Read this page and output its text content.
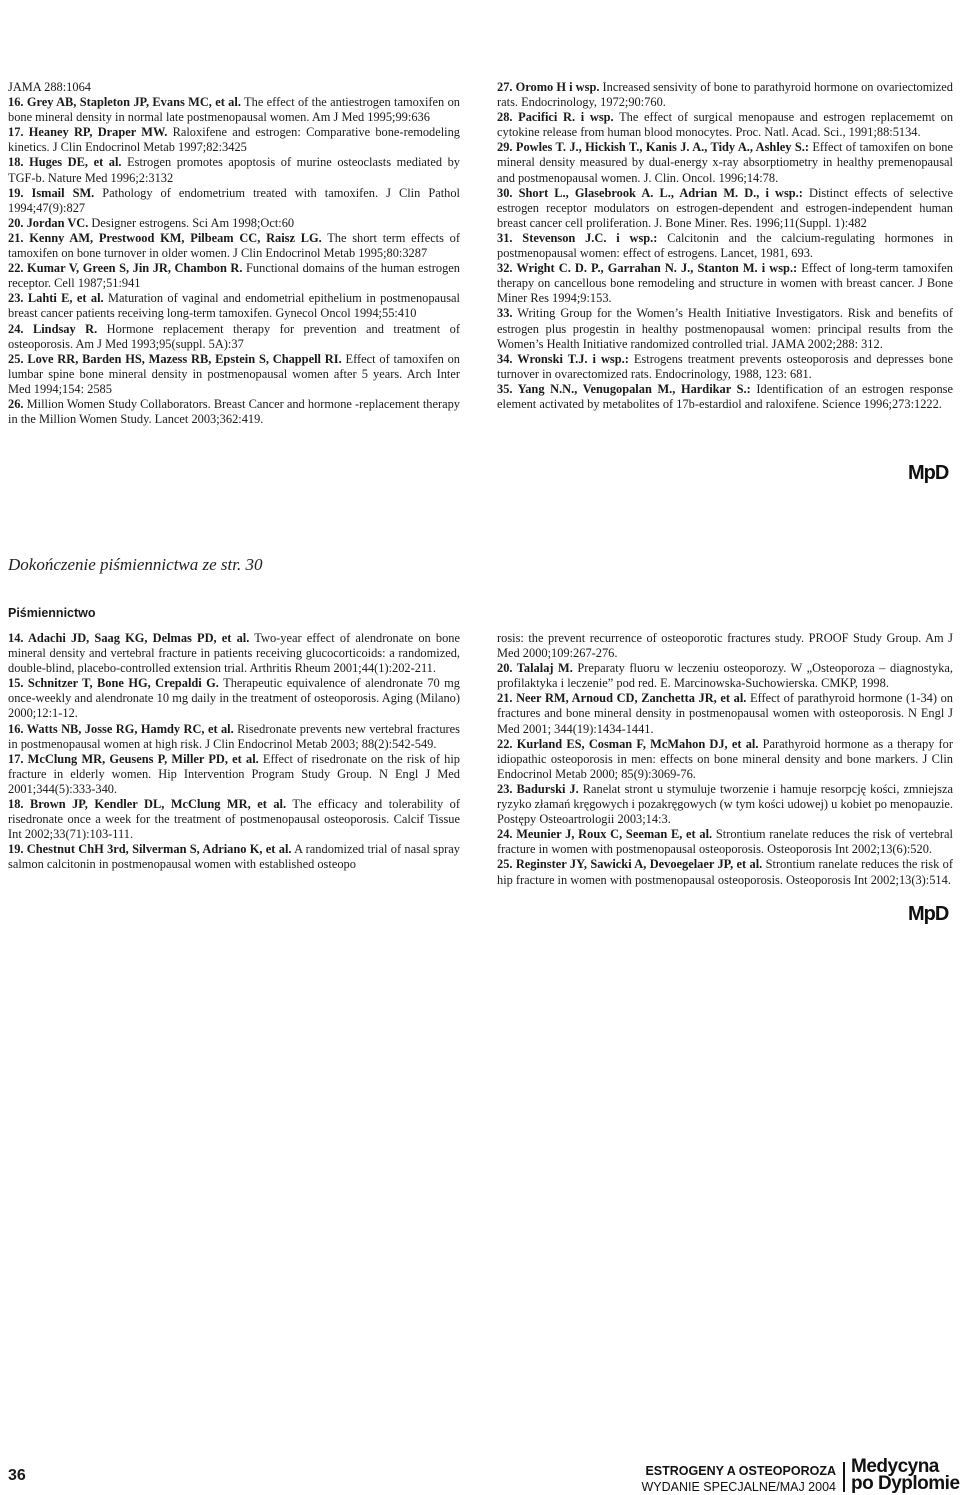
JAMA 288:1064

16. Grey AB, Stapleton JP, Evans MC, et al. The effect of the antiestrogen tamoxifen on bone mineral density in normal late postmenopausal women. Am J Med 1995;99:636

17. Heaney RP, Draper MW. Raloxifene and estrogen: Comparative bone-remodeling kinetics. J Clin Endocrinol Metab 1997;82:3425

18. Huges DE, et al. Estrogen promotes apoptosis of murine osteoclasts mediated by TGF-b. Nature Med 1996;2:3132

19. Ismail SM. Pathology of endometrium treated with tamoxifen. J Clin Pathol 1994;47(9):827

20. Jordan VC. Designer estrogens. Sci Am 1998;Oct:60

21. Kenny AM, Prestwood KM, Pilbeam CC, Raisz LG. The short term effects of tamoxifen on bone turnover in older women. J Clin Endocrinol Metab 1995;80:3287

22. Kumar V, Green S, Jin JR, Chambon R. Functional domains of the human estrogen receptor. Cell 1987;51:941

23. Lahti E, et al. Maturation of vaginal and endometrial epithelium in postmenopausal breast cancer patients receiving long-term tamoxifen. Gynecol Oncol 1994;55:410

24. Lindsay R. Hormone replacement therapy for prevention and treatment of osteoporosis. Am J Med 1993;95(suppl. 5A):37

25. Love RR, Barden HS, Mazess RB, Epstein S, Chappell RI. Effect of tamoxifen on lumbar spine bone mineral density in postmenopausal women after 5 years. Arch Inter Med 1994;154: 2585

26. Million Women Study Collaborators. Breast Cancer and hormone -replacement therapy in the Million Women Study. Lancet 2003;362:419.

27. Oromo H i wsp. Increased sensivity of bone to parathyroid hormone on ovariectomized rats. Endocrinology, 1972;90:760.

28. Pacifici R. i wsp. The effect of surgical menopause and estrogen replacememt on cytokine release from human blood monocytes. Proc. Natl. Acad. Sci., 1991;88:5134.

29. Powles T. J., Hickish T., Kanis J. A., Tidy A., Ashley S.: Effect of tamoxifen on bone mineral density measured by dual-energy x-ray absorptiometry in healthy premenopausal and postmenopausal women. J. Clin. Oncol. 1996;14:78.

30. Short L., Glasebrook A. L., Adrian M. D., i wsp.: Distinct effects of selective estrogen receptor modulators on estrogen-dependent and estrogen-independent human breast cancer cell proliferation. J. Bone Miner. Res. 1996;11(Suppl. 1):482

31. Stevenson J.C. i wsp.: Calcitonin and the calcium-regulating hormones in postmenopausal women: effect of estrogens. Lancet, 1981, 693.

32. Wright C. D. P., Garrahan N. J., Stanton M. i wsp.: Effect of long-term tamoxifen therapy on cancellous bone remodeling and structure in women with breast cancer. J Bone Miner Res 1994;9:153.

33. Writing Group for the Women’s Health Initiative Investigators. Risk and benefits of estrogen plus progestin in healthy postmenopausal women: principal results from the Women’s Health Initiative randomized controlled trial. JAMA 2002;288: 312.

34. Wronski T.J. i wsp.: Estrogens treatment prevents osteoporosis and depresses bone turnover in ovarectomized rats. Endocrinology, 1988, 123: 681.

35. Yang N.N., Venugopalan M., Hardikar S.: Identification of an estrogen response element activated by metabolites of 17b-estardiol and raloxifene. Science 1996;273:1222.

MpD
Dokończenie piśmiennictwa ze str. 30
Piśmiennictwo

14. Adachi JD, Saag KG, Delmas PD, et al. Two-year effect of alendronate on bone mineral density and vertebral fracture in patients receiving glucocorticoids: a randomized, double-blind, placebo-controlled extension trial. Arthritis Rheum 2001;44(1):202-211.

15. Schnitzer T, Bone HG, Crepaldi G. Therapeutic equivalence of alendronate 70 mg once-weekly and alendronate 10 mg daily in the treatment of osteoporosis. Aging (Milano) 2000;12:1-12.

16. Watts NB, Josse RG, Hamdy RC, et al. Risedronate prevents new vertebral fractures in postmenopausal women at high risk. J Clin Endocrinol Metab 2003; 88(2):542-549.

17. McClung MR, Geusens P, Miller PD, et al. Effect of risedronate on the risk of hip fracture in elderly women. Hip Intervention Program Study Group. N Engl J Med 2001;344(5):333-340.

18. Brown JP, Kendler DL, McClung MR, et al. The efficacy and tolerability of risedronate once a week for the treatment of postmenopausal osteoporosis. Calcif Tissue Int 2002;33(71):103-111.

19. Chestnut ChH 3rd, Silverman S, Adriano K, et al. A randomized trial of nasal spray salmon calcitonin in postmenopausal women with established osteopo

rosis: the prevent recurrence of osteoporotic fractures study. PROOF Study Group. Am J Med 2000;109:267-276.

20. Talalaj M. Preparaty fluoru w leczeniu osteoporozy. W „Osteoporoza – diagnostyka, profilaktyka i leczenie” pod red. E. Marcinowska-Suchowierska. CMKP, 1998.

21. Neer RM, Arnoud CD, Zanchetta JR, et al. Effect of parathyroid hormone (1-34) on fractures and bone mineral density in postmenopausal women with osteoporosis. N Engl J Med 2001; 344(19):1434-1441.

22. Kurland ES, Cosman F, McMahon DJ, et al. Parathyroid hormone as a therapy for idiopathic osteoporosis in men: effects on bone mineral density and bone markers. J Clin Endocrinol Metab 2000; 85(9):3069-76.

23. Badurski J. Ranelat stront u stymuluje tworzenie i hamuje resorpcję kości, zmniejsza ryzyko złamań kręgowych i pozakręgowych (w tym kości udowej) u kobiet po menopauzie. Postępy Osteoartrologii 2003;14:3.

24. Meunier J, Roux C, Seeman E, et al. Strontium ranelate reduces the risk of vertebral fracture in women with postmenopausal osteoporosis. Osteoporosis Int 2002;13(6):520.

25. Reginster JY, Sawicki A, Devoegelaer JP, et al. Strontium ranelate reduces the risk of hip fracture in women with postmenopausal osteoporosis. Osteoporosis Int 2002;13(3):514.

MpD
36	ESTROGENY A OSTEOPOROZA
WYDANIE SPECJALNE/MAJ 2004
Medycyna
po Dyplomie
